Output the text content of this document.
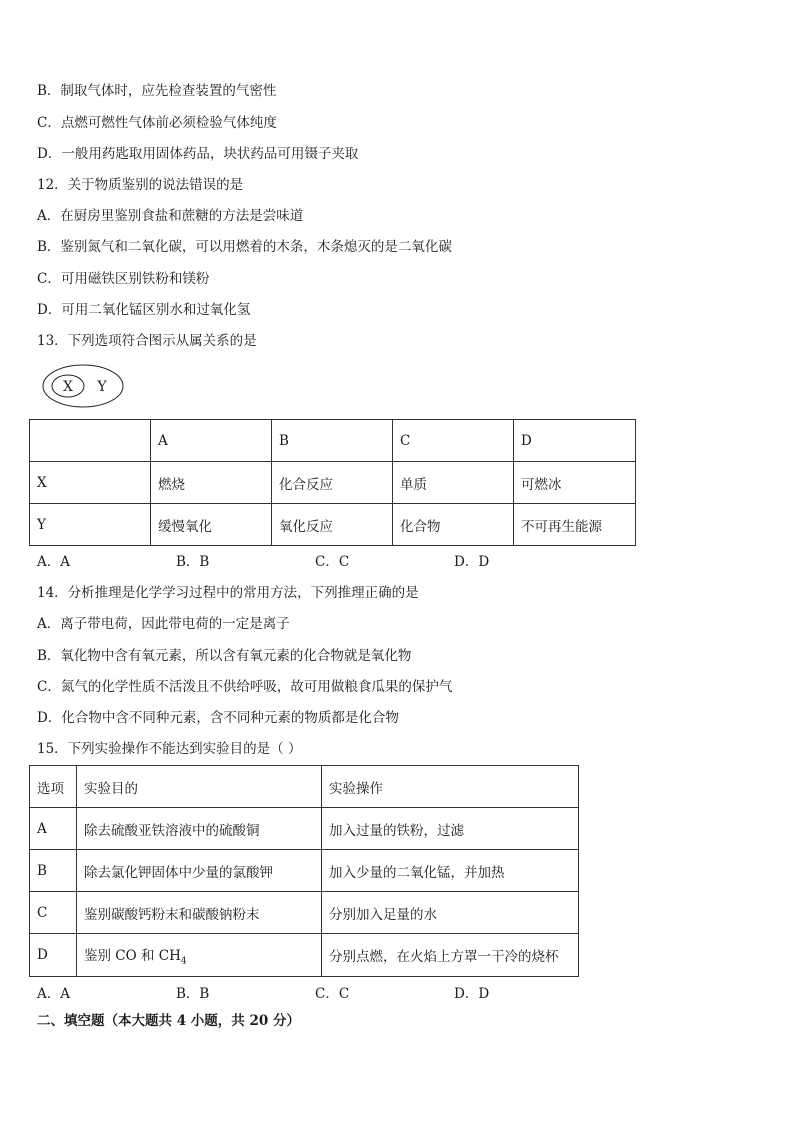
B．制取气体时，应先检查装置的气密性
C．点燃可燃性气体前必须检验气体纯度
D．一般用药匙取用固体药品，块状药品可用镊子夹取
12．关于物质鉴别的说法错误的是
A．在厨房里鉴别食盐和蔗糖的方法是尝味道
B．鉴别氮气和二氧化碳，可以用燃着的木条，木条熄灭的是二氧化碳
C．可用磁铁区别铁粉和镁粉
D．可用二氧化锰区别水和过氧化氢
13．下列选项符合图示从属关系的是
X Y
	A	B	C	D
X	燃烧	化合反应	单质	可燃冰
Y	缓慢氧化	氧化反应	化合物	不可再生能源
A．A	B．B	C．C	D．D
14．分析推理是化学学习过程中的常用方法，下列推理正确的是
A．离子带电荷，因此带电荷的一定是离子
B．氧化物中含有氧元素，所以含有氧元素的化合物就是氧化物
C．氮气的化学性质不活泼且不供给呼吸，故可用做粮食瓜果的保护气
D．化合物中含不同种元素，含不同种元素的物质都是化合物
15．下列实验操作不能达到实验目的是（ ）
选项	实验目的	实验操作
A	除去硫酸亚铁溶液中的硫酸铜	加入过量的铁粉，过滤
B	除去氯化钾固体中少量的氯酸钾	加入少量的二氧化锰，并加热
C	鉴别碳酸钙粉末和碳酸钠粉末	分别加入足量的水
D	鉴别 CO 和 $CH_4$	分别点燃，在火焰上方罩一干冷的烧杯
A．A	B．B	C．C	D．D
二、填空题（本大题共 4 小题，共 20 分）
